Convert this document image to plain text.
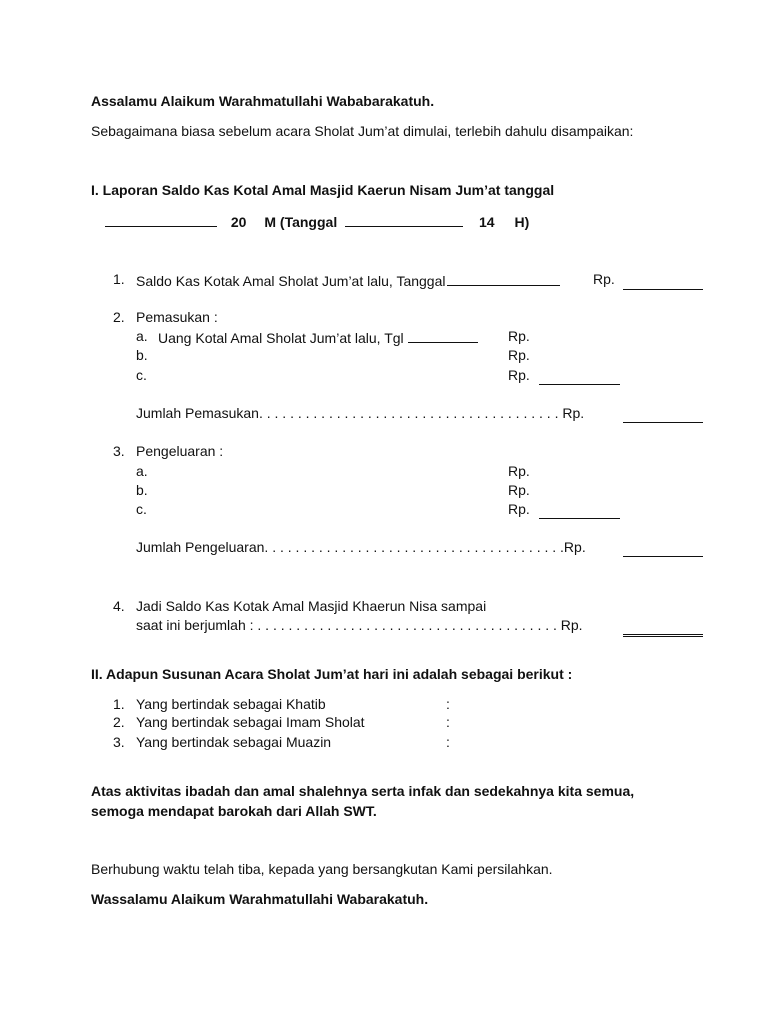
Assalamu Alaikum Warahmatullahi Wababarakatuh.
Sebagaimana biasa sebelum acara Sholat Jum’at dimulai, terlebih dahulu disampaikan:
I. Laporan Saldo Kas Kotal Amal Masjid Kaerun Nisam Jum’at tanggal
20 M (Tanggal	14 H)
1. Saldo Kas Kotak Amal Sholat Jum’at lalu, Tanggal	Rp.
2. Pemasukan :
a. Uang Kotal Amal Sholat Jum’at lalu, Tgl	Rp.
b.	Rp.
c.	Rp.
Jumlah Pemasukan. . . . . . . . . . . . . . . . . . . . . . . . . . . . . . . . . . . . . . . Rp.
3. Pengeluaran :
a.	Rp.
b.	Rp.
c.	Rp.
Jumlah Pengeluaran. . . . . . . . . . . . . . . . . . . . . . . . . . . . . . . . . . . . . . .Rp.
4. Jadi Saldo Kas Kotak Amal Masjid Khaerun Nisa sampai
saat ini berjumlah : . . . . . . . . . . . . . . . . . . . . . . . . . . . . . . . . . . . . . . . Rp.
II. Adapun Susunan Acara Sholat Jum’at hari ini adalah sebagai berikut :
1. Yang bertindak sebagai Khatib	:
2. Yang bertindak sebagai Imam Sholat	:
3. Yang bertindak sebagai Muazin	:
Atas aktivitas ibadah dan amal shalehnya serta infak dan sedekahnya kita semua,
semoga mendapat barokah dari Allah SWT.
Berhubung waktu telah tiba, kepada yang bersangkutan Kami persilahkan.
Wassalamu Alaikum Warahmatullahi Wabarakatuh.
